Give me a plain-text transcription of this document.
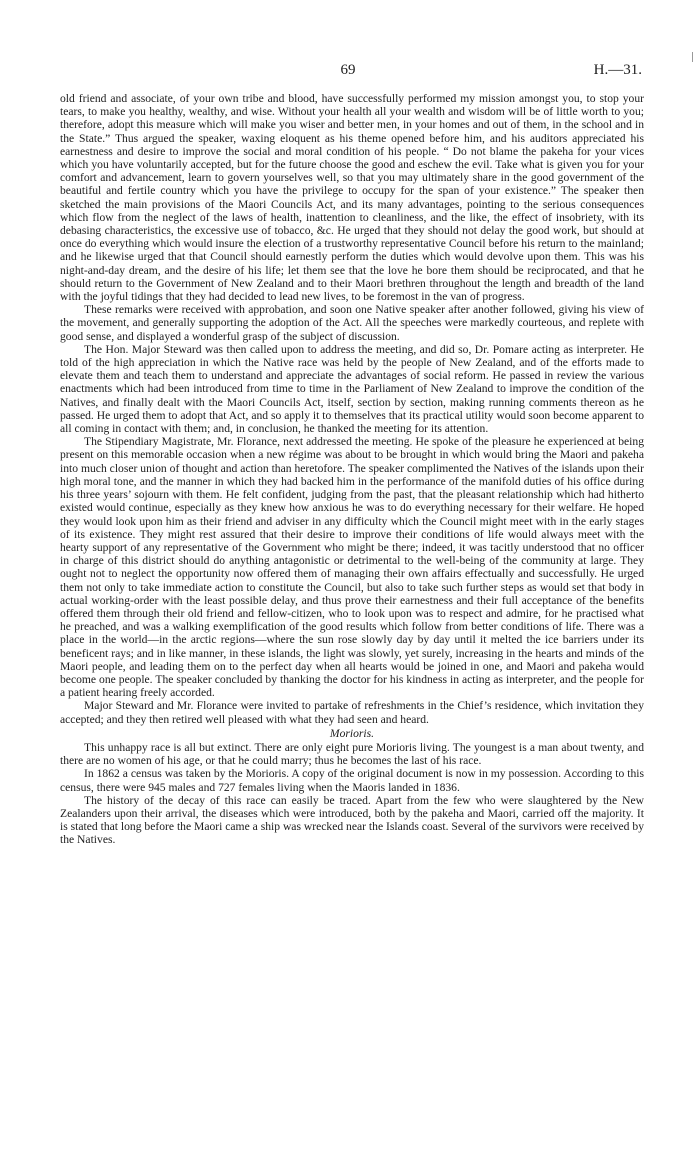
69	H.—31.

old friend and associate, of your own tribe and blood, have successfully performed my mission amongst you, to stop your tears, to make you healthy, wealthy, and wise. Without your health all your wealth and wisdom will be of little worth to you; therefore, adopt this measure which will make you wiser and better men, in your homes and out of them, in the school and in the State.” Thus argued the speaker, waxing eloquent as his theme opened before him, and his auditors appreciated his earnestness and desire to improve the social and moral condition of his people. “ Do not blame the pakeha for your vices which you have voluntarily accepted, but for the future choose the good and eschew the evil. Take what is given you for your comfort and advancement, learn to govern yourselves well, so that you may ultimately share in the good government of the beautiful and fertile country which you have the privilege to occupy for the span of your existence.” The speaker then sketched the main provisions of the Maori Councils Act, and its many advantages, pointing to the serious consequences which flow from the neglect of the laws of health, inattention to cleanliness, and the like, the effect of insobriety, with its debasing characteristics, the excessive use of tobacco, &c. He urged that they should not delay the good work, but should at once do everything which would insure the election of a trustworthy representative Council before his return to the mainland; and he likewise urged that that Council should earnestly perform the duties which would devolve upon them. This was his night-and-day dream, and the desire of his life; let them see that the love he bore them should be reciprocated, and that he should return to the Government of New Zealand and to their Maori brethren throughout the length and breadth of the land with the joyful tidings that they had decided to lead new lives, to be foremost in the van of progress.

These remarks were received with approbation, and soon one Native speaker after another followed, giving his view of the movement, and generally supporting the adoption of the Act. All the speeches were markedly courteous, and replete with good sense, and displayed a wonderful grasp of the subject of discussion.

The Hon. Major Steward was then called upon to address the meeting, and did so, Dr. Pomare acting as interpreter. He told of the high appreciation in which the Native race was held by the people of New Zealand, and of the efforts made to elevate them and teach them to understand and appreciate the advantages of social reform. He passed in review the various enactments which had been introduced from time to time in the Parliament of New Zealand to improve the condition of the Natives, and finally dealt with the Maori Councils Act, itself, section by section, making running comments thereon as he passed. He urged them to adopt that Act, and so apply it to themselves that its practical utility would soon become apparent to all coming in contact with them; and, in conclusion, he thanked the meeting for its attention.

The Stipendiary Magistrate, Mr. Florance, next addressed the meeting. He spoke of the pleasure he experienced at being present on this memorable occasion when a new régime was about to be brought in which would bring the Maori and pakeha into much closer union of thought and action than heretofore. The speaker complimented the Natives of the islands upon their high moral tone, and the manner in which they had backed him in the performance of the manifold duties of his office during his three years’ sojourn with them. He felt confident, judging from the past, that the pleasant relationship which had hitherto existed would continue, especially as they knew how anxious he was to do everything necessary for their welfare. He hoped they would look upon him as their friend and adviser in any difficulty which the Council might meet with in the early stages of its existence. They might rest assured that their desire to improve their conditions of life would always meet with the hearty support of any representative of the Government who might be there; indeed, it was tacitly understood that no officer in charge of this district should do anything antagonistic or detrimental to the well-being of the community at large. They ought not to neglect the opportunity now offered them of managing their own affairs effectually and successfully. He urged them not only to take immediate action to constitute the Council, but also to take such further steps as would set that body in actual working-order with the least possible delay, and thus prove their earnestness and their full acceptance of the benefits offered them through their old friend and fellow-citizen, who to look upon was to respect and admire, for he practised what he preached, and was a walking exemplification of the good results which follow from better conditions of life. There was a place in the world—in the arctic regions—where the sun rose slowly day by day until it melted the ice barriers under its beneficent rays; and in like manner, in these islands, the light was slowly, yet surely, increasing in the hearts and minds of the Maori people, and leading them on to the perfect day when all hearts would be joined in one, and Maori and pakeha would become one people. The speaker concluded by thanking the doctor for his kindness in acting as interpreter, and the people for a patient hearing freely accorded.

Major Steward and Mr. Florance were invited to partake of refreshments in the Chief’s residence, which invitation they accepted; and they then retired well pleased with what they had seen and heard.

Morioris.

This unhappy race is all but extinct. There are only eight pure Morioris living. The youngest is a man about twenty, and there are no women of his age, or that he could marry; thus he becomes the last of his race.

In 1862 a census was taken by the Morioris. A copy of the original document is now in my possession. According to this census, there were 945 males and 727 females living when the Maoris landed in 1836.

The history of the decay of this race can easily be traced. Apart from the few who were slaughtered by the New Zealanders upon their arrival, the diseases which were introduced, both by the pakeha and Maori, carried off the majority. It is stated that long before the Maori came a ship was wrecked near the Islands coast. Several of the survivors were received by the Natives.
